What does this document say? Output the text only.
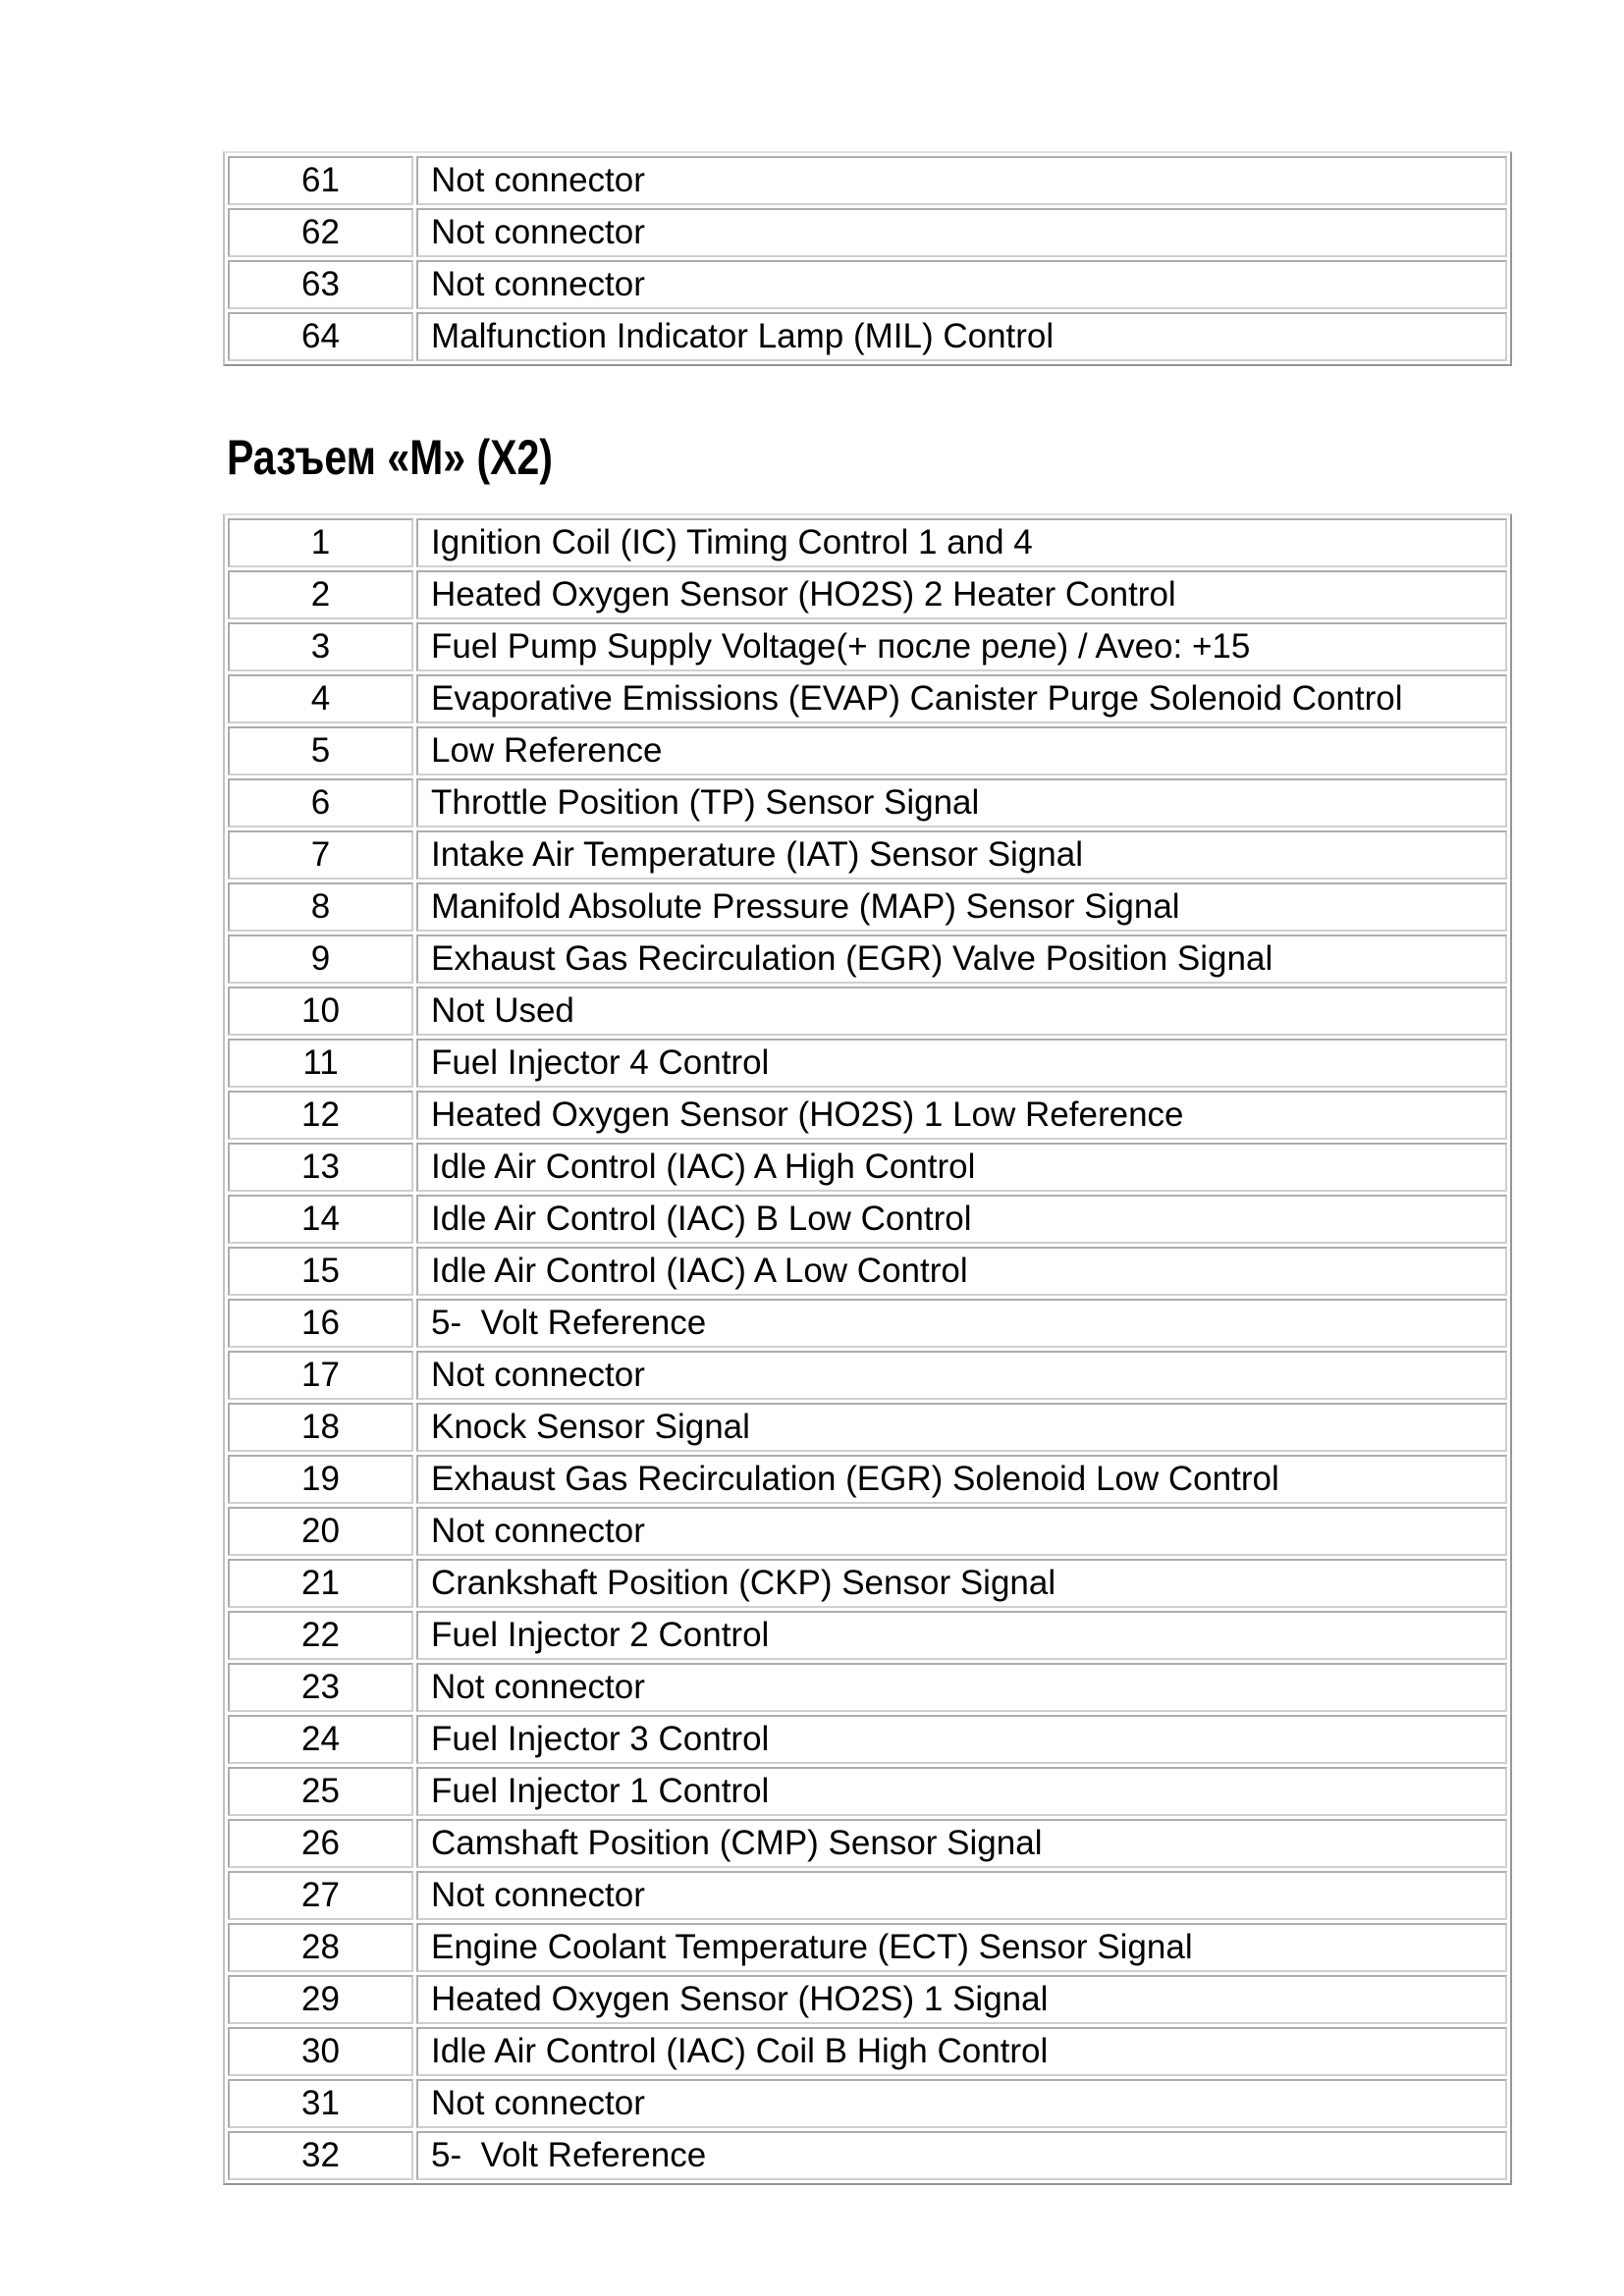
61	Not connector
62	Not connector
63	Not connector
64	Malfunction Indicator Lamp (MIL) Control
Разъем «М» (X2)
1	Ignition Coil (IC) Timing Control 1 and 4
2	Heated Oxygen Sensor (HO2S) 2 Heater Control
3	Fuel Pump Supply Voltage(+ после реле) / Aveo: +15
4	Evaporative Emissions (EVAP) Canister Purge Solenoid Control
5	Low Reference
6	Throttle Position (TP) Sensor Signal
7	Intake Air Temperature (IAT) Sensor Signal
8	Manifold Absolute Pressure (MAP) Sensor Signal
9	Exhaust Gas Recirculation (EGR) Valve Position Signal
10	Not Used
11	Fuel Injector 4 Control
12	Heated Oxygen Sensor (HO2S) 1 Low Reference
13	Idle Air Control (IAC) A High Control
14	Idle Air Control (IAC) B Low Control
15	Idle Air Control (IAC) A Low Control
16	5-  Volt Reference
17	Not connector
18	Knock Sensor Signal
19	Exhaust Gas Recirculation (EGR) Solenoid Low Control
20	Not connector
21	Crankshaft Position (CKP) Sensor Signal
22	Fuel Injector 2 Control
23	Not connector
24	Fuel Injector 3 Control
25	Fuel Injector 1 Control
26	Camshaft Position (CMP) Sensor Signal
27	Not connector
28	Engine Coolant Temperature (ECT) Sensor Signal
29	Heated Oxygen Sensor (HO2S) 1 Signal
30	Idle Air Control (IAC) Coil B High Control
31	Not connector
32	5-  Volt Reference
